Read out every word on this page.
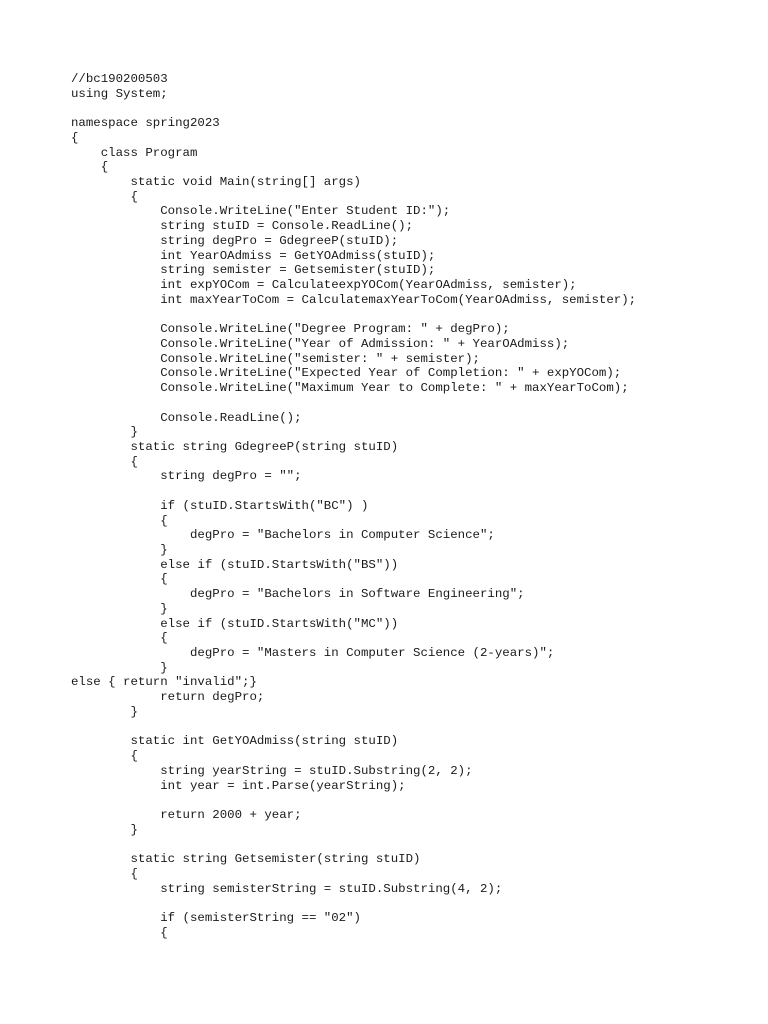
//bc190200503
using System;
namespace spring2023
{
class Program
{
static void Main(string[] args)
{
Console.WriteLine("Enter Student ID:");
string stuID = Console.ReadLine();
string degPro = GdegreeP(stuID);
int YearOAdmiss = GetYOAdmiss(stuID);
string semister = Getsemister(stuID);
int expYOCom = CalculateexpYOCom(YearOAdmiss, semister);
int maxYearToCom = CalculatemaxYearToCom(YearOAdmiss, semister);
Console.WriteLine("Degree Program: " + degPro);
Console.WriteLine("Year of Admission: " + YearOAdmiss);
Console.WriteLine("semister: " + semister);
Console.WriteLine("Expected Year of Completion: " + expYOCom);
Console.WriteLine("Maximum Year to Complete: " + maxYearToCom);
Console.ReadLine();
}
static string GdegreeP(string stuID)
{
string degPro = "";
if (stuID.StartsWith("BC") )
{
degPro = "Bachelors in Computer Science";
}
else if (stuID.StartsWith("BS"))
{
degPro = "Bachelors in Software Engineering";
}
else if (stuID.StartsWith("MC"))
{
degPro = "Masters in Computer Science (2-years)";
}
else { return "invalid";}
return degPro;
}
static int GetYOAdmiss(string stuID)
{
string yearString = stuID.Substring(2, 2);
int year = int.Parse(yearString);
return 2000 + year;
}
static string Getsemister(string stuID)
{
string semisterString = stuID.Substring(4, 2);
if (semisterString == "02")
{
